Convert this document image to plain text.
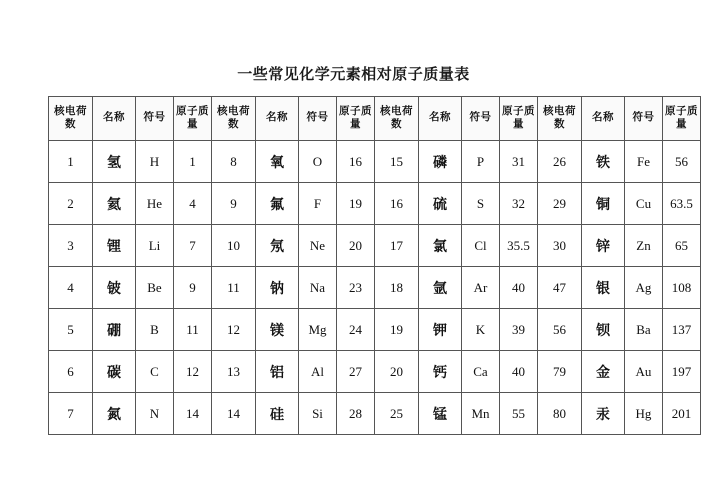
一些常见化学元素相对原子质量表
核电荷数	名称	符号	原子质量	核电荷数	名称	符号	原子质量	核电荷数	名称	符号	原子质量	核电荷数	名称	符号	原子质量

1	氢	H	1	8	氧	O	16	15	磷	P	31	26	铁	Fe	56
2	氦	He	4	9	氟	F	19	16	硫	S	32	29	铜	Cu	63.5
3	锂	Li	7	10	氖	Ne	20	17	氯	Cl	35.5	30	锌	Zn	65
4	铍	Be	9	11	钠	Na	23	18	氩	Ar	40	47	银	Ag	108
5	硼	B	11	12	镁	Mg	24	19	钾	K	39	56	钡	Ba	137
6	碳	C	12	13	铝	Al	27	20	钙	Ca	40	79	金	Au	197
7	氮	N	14	14	硅	Si	28	25	锰	Mn	55	80	汞	Hg	201
